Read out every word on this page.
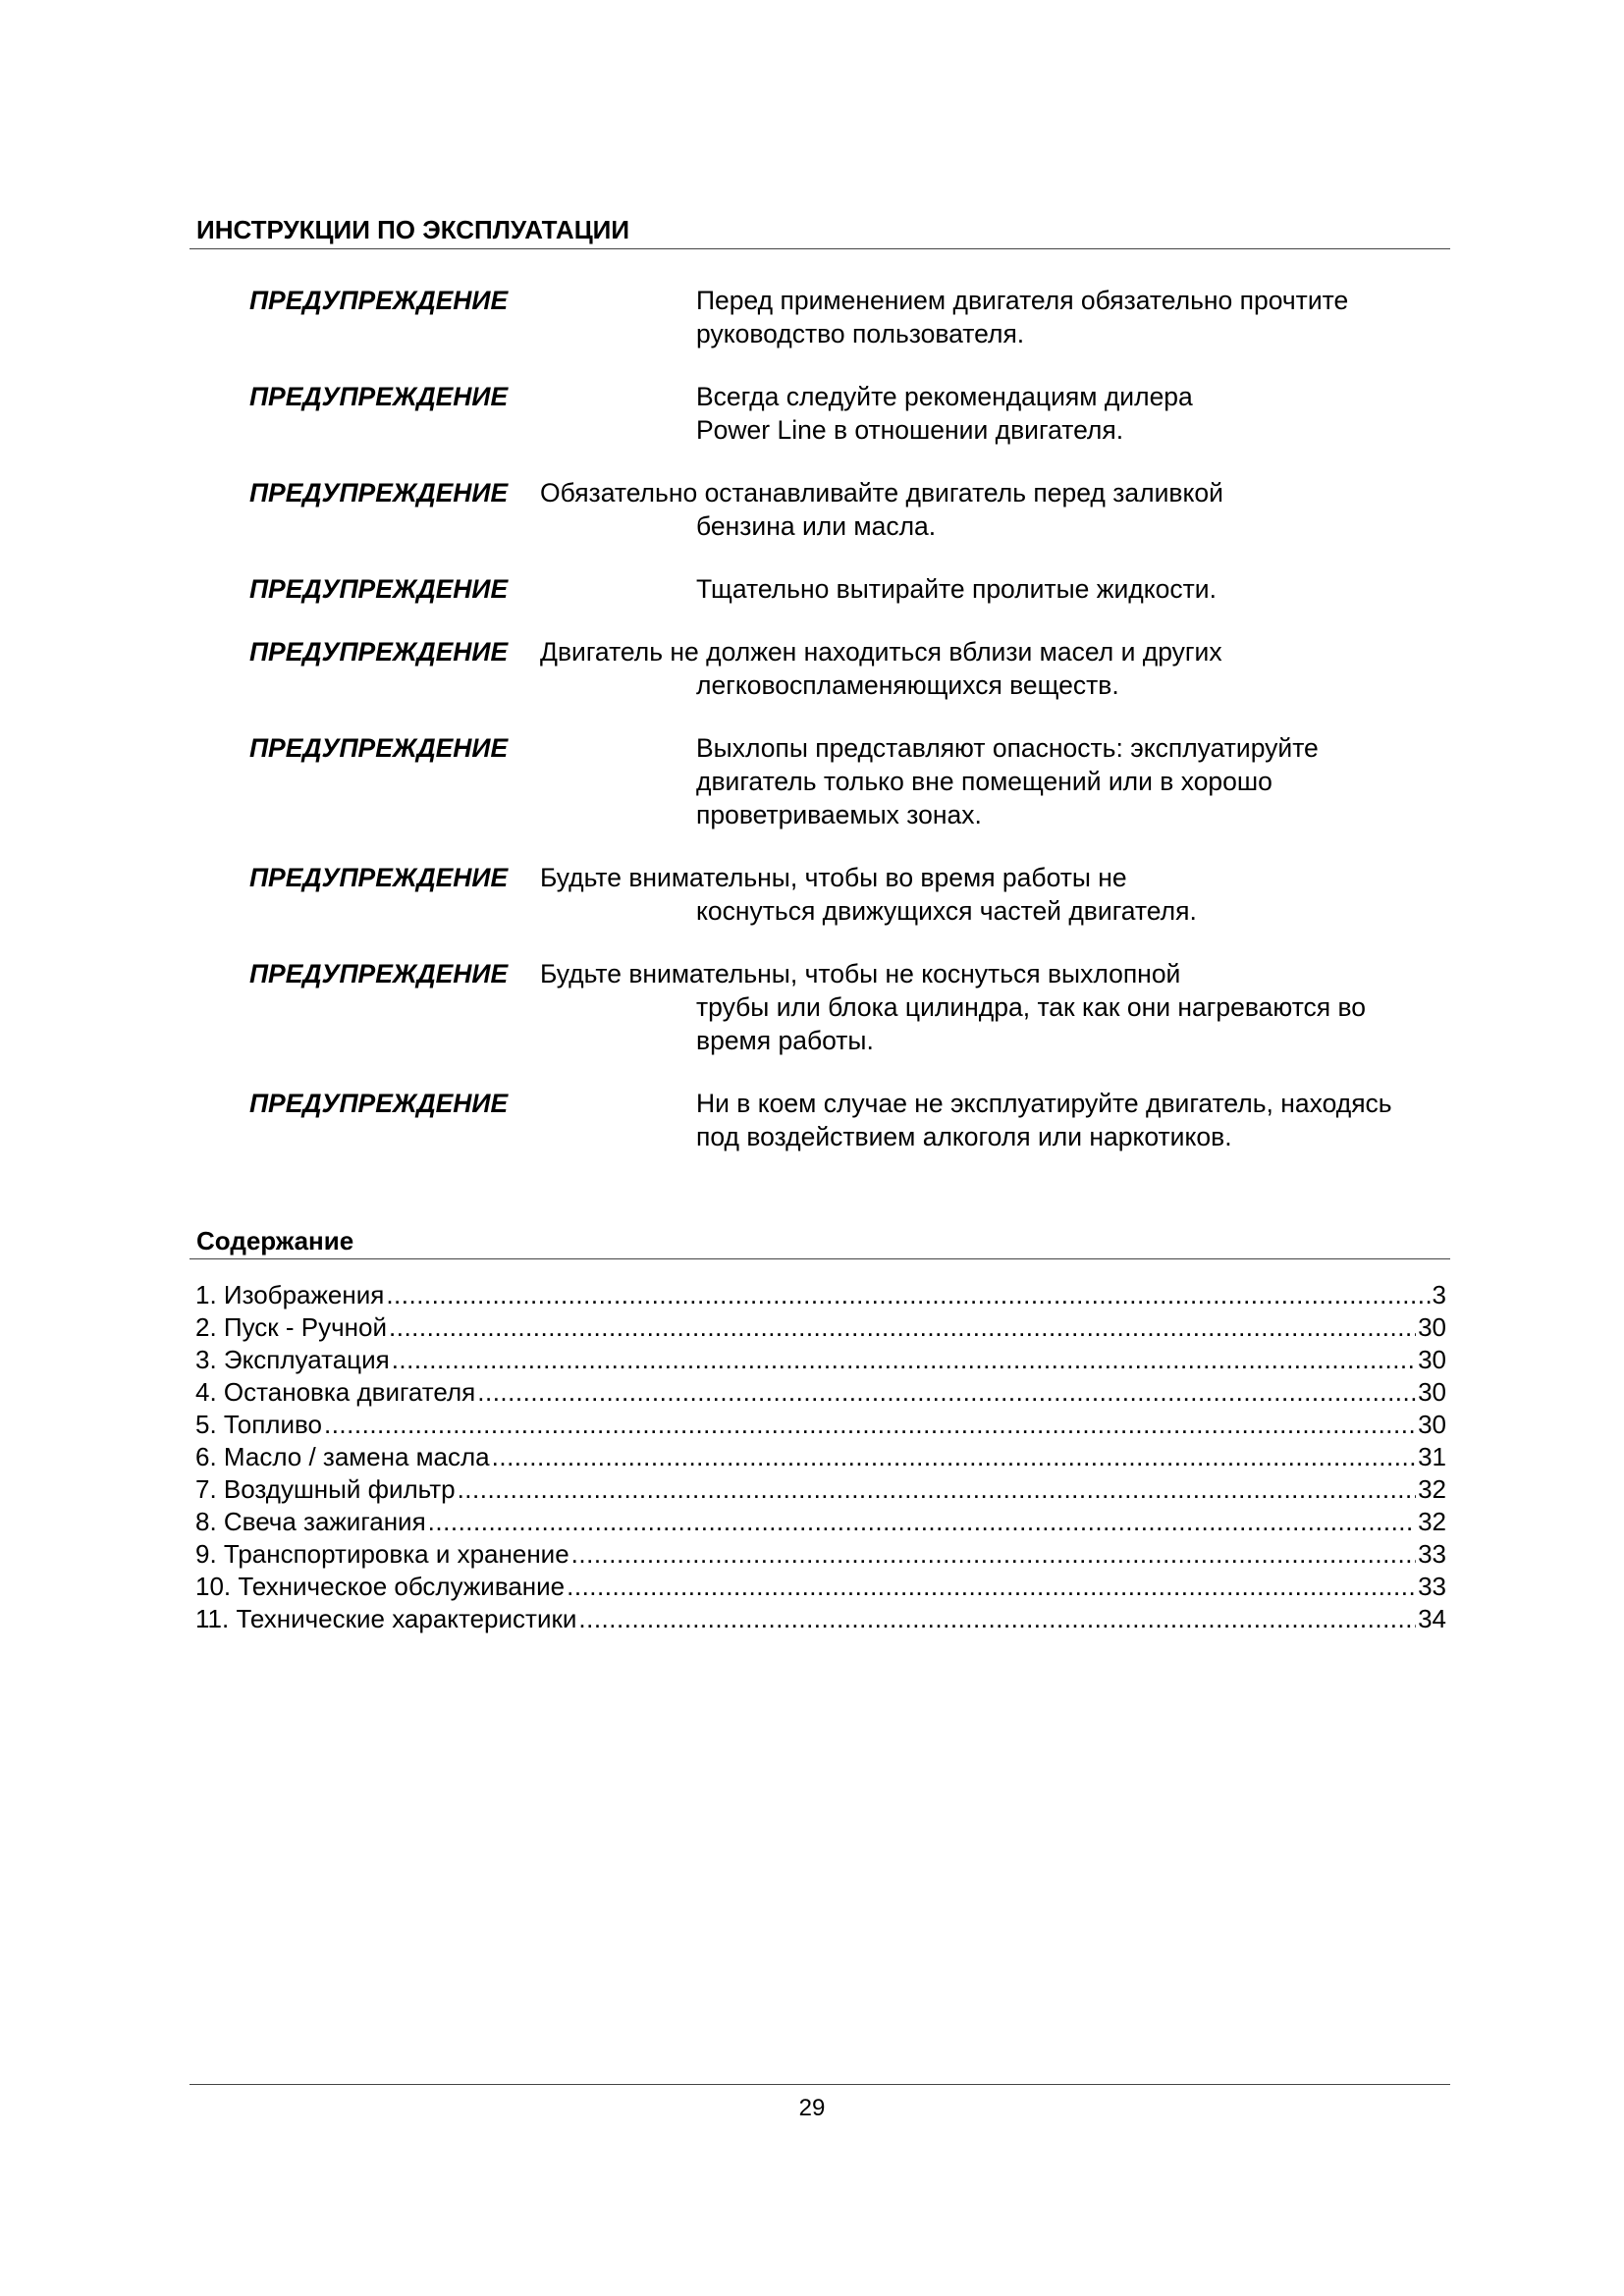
ИНСТРУКЦИИ ПО ЭКСПЛУАТАЦИИ
ПРЕДУПРЕЖДЕНИЕ	Перед применением двигателя обязательно прочтите
руководство пользователя.
ПРЕДУПРЕЖДЕНИЕ	Всегда следуйте рекомендациям дилера
Power Line в отношении двигателя.
ПРЕДУПРЕЖДЕНИЕ	Обязательно останавливайте двигатель перед заливкой
бензина или масла.
ПРЕДУПРЕЖДЕНИЕ	Тщательно вытирайте пролитые жидкости.
ПРЕДУПРЕЖДЕНИЕ	Двигатель не должен находиться вблизи масел и других
легковоспламеняющихся веществ.
ПРЕДУПРЕЖДЕНИЕ	Выхлопы представляют опасность: эксплуатируйте
двигатель только вне помещений или в хорошо
проветриваемых зонах.
ПРЕДУПРЕЖДЕНИЕ	Будьте внимательны, чтобы во время работы не
коснуться движущихся частей двигателя.
ПРЕДУПРЕЖДЕНИЕ	Будьте внимательны, чтобы не коснуться выхлопной
трубы или блока цилиндра, так как они нагреваются во
время работы.
ПРЕДУПРЕЖДЕНИЕ	Ни в коем случае не эксплуатируйте двигатель, находясь
под воздействием алкоголя или наркотиков.
Содержание
1. Изображения .....	3
2. Пуск - Ручной .....	30
3. Эксплуатация .....	30
4. Остановка двигателя .....	30
5. Топливо .....	30
6. Масло / замена масла .....	31
7. Воздушный фильтр .....	32
8. Свеча зажигания .....	32
9. Транспортировка и хранение .....	33
10. Техническое обслуживание .....	33
11. Технические характеристики .....	34
29
